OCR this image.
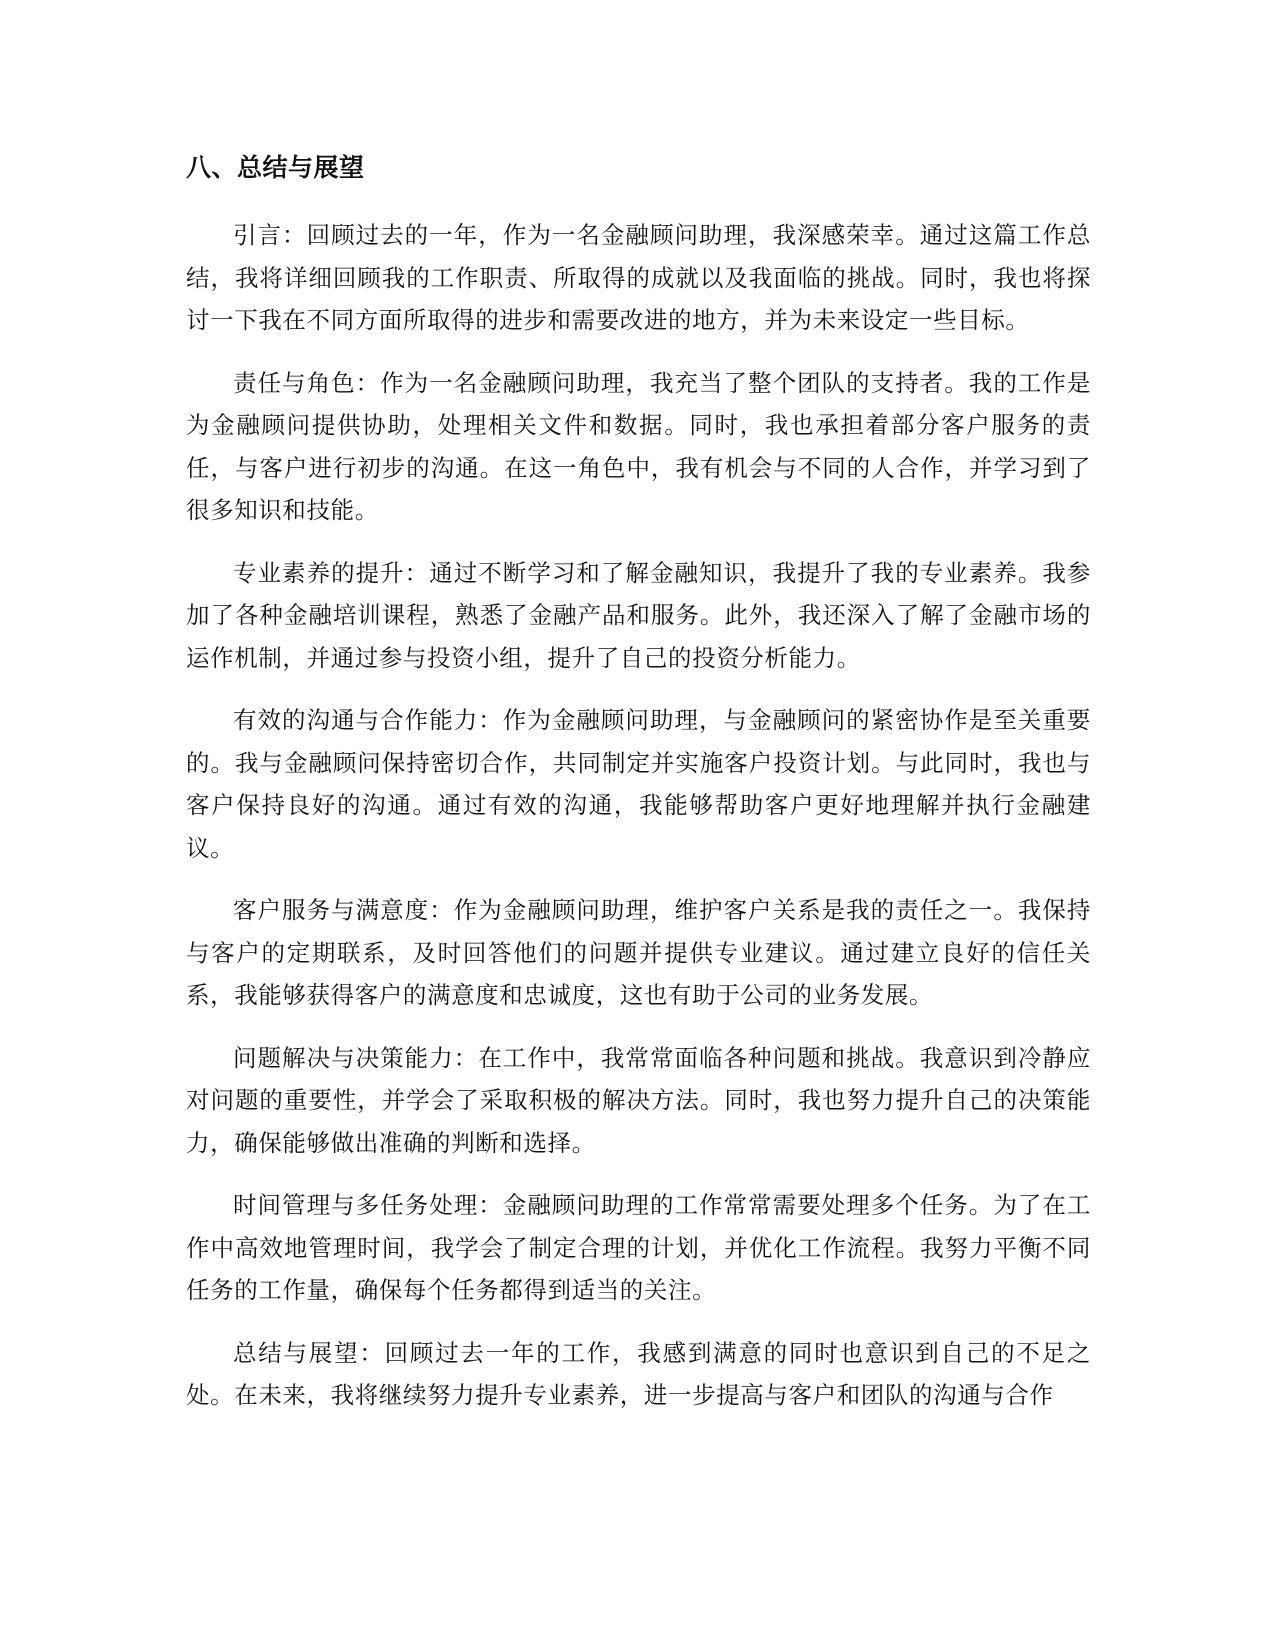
八、总结与展望

引言：回顾过去的一年，作为一名金融顾问助理，我深感荣幸。通过这篇工作总结，我将详细回顾我的工作职责、所取得的成就以及我面临的挑战。同时，我也将探讨一下我在不同方面所取得的进步和需要改进的地方，并为未来设定一些目标。

责任与角色：作为一名金融顾问助理，我充当了整个团队的支持者。我的工作是为金融顾问提供协助，处理相关文件和数据。同时，我也承担着部分客户服务的责任，与客户进行初步的沟通。在这一角色中，我有机会与不同的人合作，并学习到了很多知识和技能。

专业素养的提升：通过不断学习和了解金融知识，我提升了我的专业素养。我参加了各种金融培训课程，熟悉了金融产品和服务。此外，我还深入了解了金融市场的运作机制，并通过参与投资小组，提升了自己的投资分析能力。

有效的沟通与合作能力：作为金融顾问助理，与金融顾问的紧密协作是至关重要的。我与金融顾问保持密切合作，共同制定并实施客户投资计划。与此同时，我也与客户保持良好的沟通。通过有效的沟通，我能够帮助客户更好地理解并执行金融建议。

客户服务与满意度：作为金融顾问助理，维护客户关系是我的责任之一。我保持与客户的定期联系，及时回答他们的问题并提供专业建议。通过建立良好的信任关系，我能够获得客户的满意度和忠诚度，这也有助于公司的业务发展。

问题解决与决策能力：在工作中，我常常面临各种问题和挑战。我意识到冷静应对问题的重要性，并学会了采取积极的解决方法。同时，我也努力提升自己的决策能力，确保能够做出准确的判断和选择。

时间管理与多任务处理：金融顾问助理的工作常常需要处理多个任务。为了在工作中高效地管理时间，我学会了制定合理的计划，并优化工作流程。我努力平衡不同任务的工作量，确保每个任务都得到适当的关注。

总结与展望：回顾过去一年的工作，我感到满意的同时也意识到自己的不足之处。在未来，我将继续努力提升专业素养，进一步提高与客户和团队的沟通与合作
